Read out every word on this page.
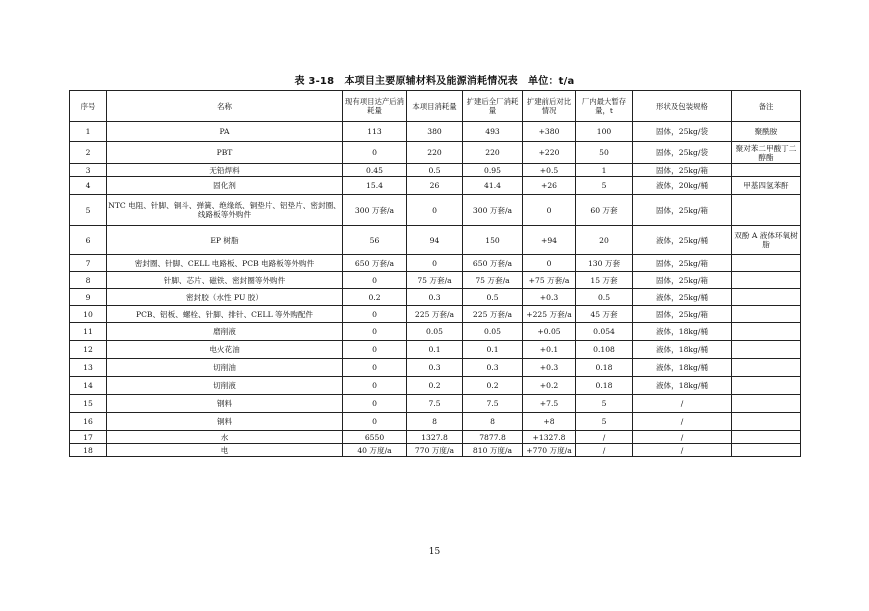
表 3-18　本项目主要原辅材料及能源消耗情况表　单位：t/a
序号	名称	现有项目达产后消耗量	本项目消耗量	扩建后全厂消耗量	扩建前后对比情况	厂内最大暂存量，t	形状及包装规格	备注
1	PA	113	380	493	+380	100	固体，25kg/袋	聚酰胺
2	PBT	0	220	220	+220	50	固体，25kg/袋	聚对苯二甲酸丁二醇酯
3	无铅焊料	0.45	0.5	0.95	+0.5	1	固体，25kg/箱	
4	固化剂	15.4	26	41.4	+26	5	液体，20kg/桶	甲基四氢苯酐
5	NTC 电阻、针脚、铜斗、弹簧、绝缘纸、铜垫片、铝垫片、密封圈、线路板等外购件	300 万套/a	0	300 万套/a	0	60 万套	固体，25kg/箱	
6	EP 树脂	56	94	150	+94	20	液体，25kg/桶	双酚 A 液体环氧树脂
7	密封圈、针脚、CELL 电路板、PCB 电路板等外购件	650 万套/a	0	650 万套/a	0	130 万套	固体，25kg/箱	
8	针脚、芯片、磁铁、密封圈等外购件	0	75 万套/a	75 万套/a	+75 万套/a	15 万套	固体，25kg/箱	
9	密封胶（水性 PU 胶）	0.2	0.3	0.5	+0.3	0.5	液体，25kg/桶	
10	PCB、铝板、螺栓、针脚、排针、CELL 等外购配件	0	225 万套/a	225 万套/a	+225 万套/a	45 万套	固体，25kg/箱	
11	磨削液	0	0.05	0.05	+0.05	0.054	液体，18kg/桶	
12	电火花油	0	0.1	0.1	+0.1	0.108	液体，18kg/桶	
13	切削油	0	0.3	0.3	+0.3	0.18	液体，18kg/桶	
14	切削液	0	0.2	0.2	+0.2	0.18	液体，18kg/桶	
15	钢料	0	7.5	7.5	+7.5	5	/	
16	铜料	0	8	8	+8	5	/	
17	水	6550	1327.8	7877.8	+1327.8	/	/	
18	电	40 万度/a	770 万度/a	810 万度/a	+770 万度/a	/	/	
15
